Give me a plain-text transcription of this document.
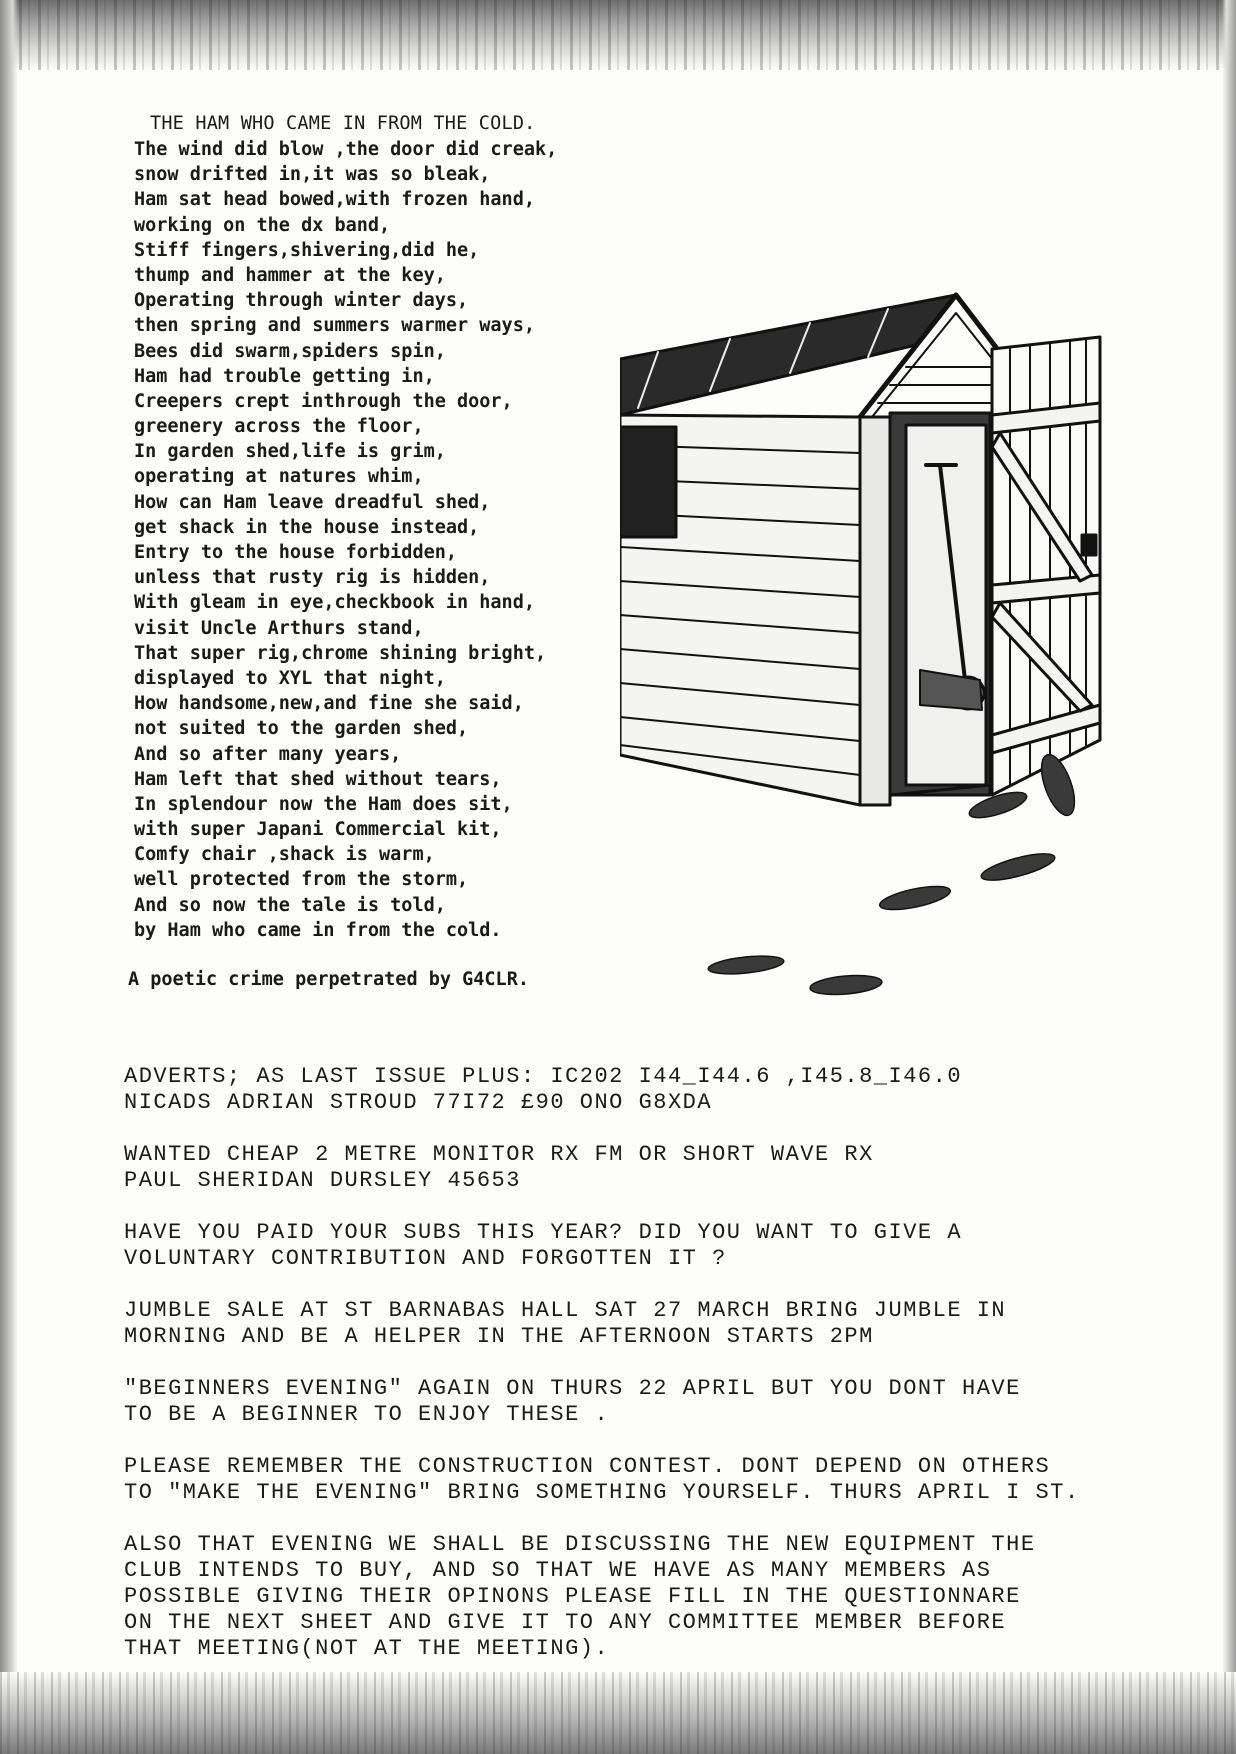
THE HAM WHO CAME IN FROM THE COLD.
The wind did blow ,the door did creak,
snow drifted in,it was so bleak,
Ham sat head bowed,with frozen hand,
working on the dx band,
Stiff fingers,shivering,did he,
thump and hammer at the key,
Operating through winter days,
then spring and summers warmer ways,
Bees did swarm,spiders spin,
Ham had trouble getting in,
Creepers crept inthrough the door,
greenery across the floor,
In garden shed,life is grim,
operating at natures whim,
How can Ham leave dreadful shed,
get shack in the house instead,
Entry to the house forbidden,
unless that rusty rig is hidden,
With gleam in eye,checkbook in hand,
visit Uncle Arthurs stand,
That super rig,chrome shining bright,
displayed to XYL that night,
How handsome,new,and fine she said,
not suited to the garden shed,
And so after many years,
Ham left that shed without tears,
In splendour now the Ham does sit,
with super Japani Commercial kit,
Comfy chair ,shack is warm,
well protected from the storm,
And so now the tale is told,
by Ham who came in from the cold.
A poetic crime perpetrated by G4CLR.
ADVERTS; AS LAST ISSUE PLUS: IC202 I44_I44.6 ,I45.8_I46.0
NICADS ADRIAN STROUD 77I72 £90 ONO G8XDA
WANTED CHEAP 2 METRE MONITOR RX FM OR SHORT WAVE RX
PAUL SHERIDAN DURSLEY 45653
HAVE YOU PAID YOUR SUBS THIS YEAR? DID YOU WANT TO GIVE A
VOLUNTARY CONTRIBUTION AND FORGOTTEN IT ?
JUMBLE SALE AT ST BARNABAS HALL SAT 27 MARCH BRING JUMBLE IN
MORNING AND BE A HELPER IN THE AFTERNOON STARTS 2PM
"BEGINNERS EVENING" AGAIN ON THURS 22 APRIL BUT YOU DONT HAVE
TO BE A BEGINNER TO ENJOY THESE .
PLEASE REMEMBER THE CONSTRUCTION CONTEST. DONT DEPEND ON OTHERS
TO "MAKE THE EVENING" BRING SOMETHING YOURSELF. THURS APRIL I ST.
ALSO THAT EVENING WE SHALL BE DISCUSSING THE NEW EQUIPMENT THE
CLUB INTENDS TO BUY, AND SO THAT WE HAVE AS MANY MEMBERS AS
POSSIBLE GIVING THEIR OPINONS PLEASE FILL IN THE QUESTIONNARE
ON THE NEXT SHEET AND GIVE IT TO ANY COMMITTEE MEMBER BEFORE
THAT MEETING(NOT AT THE MEETING).
